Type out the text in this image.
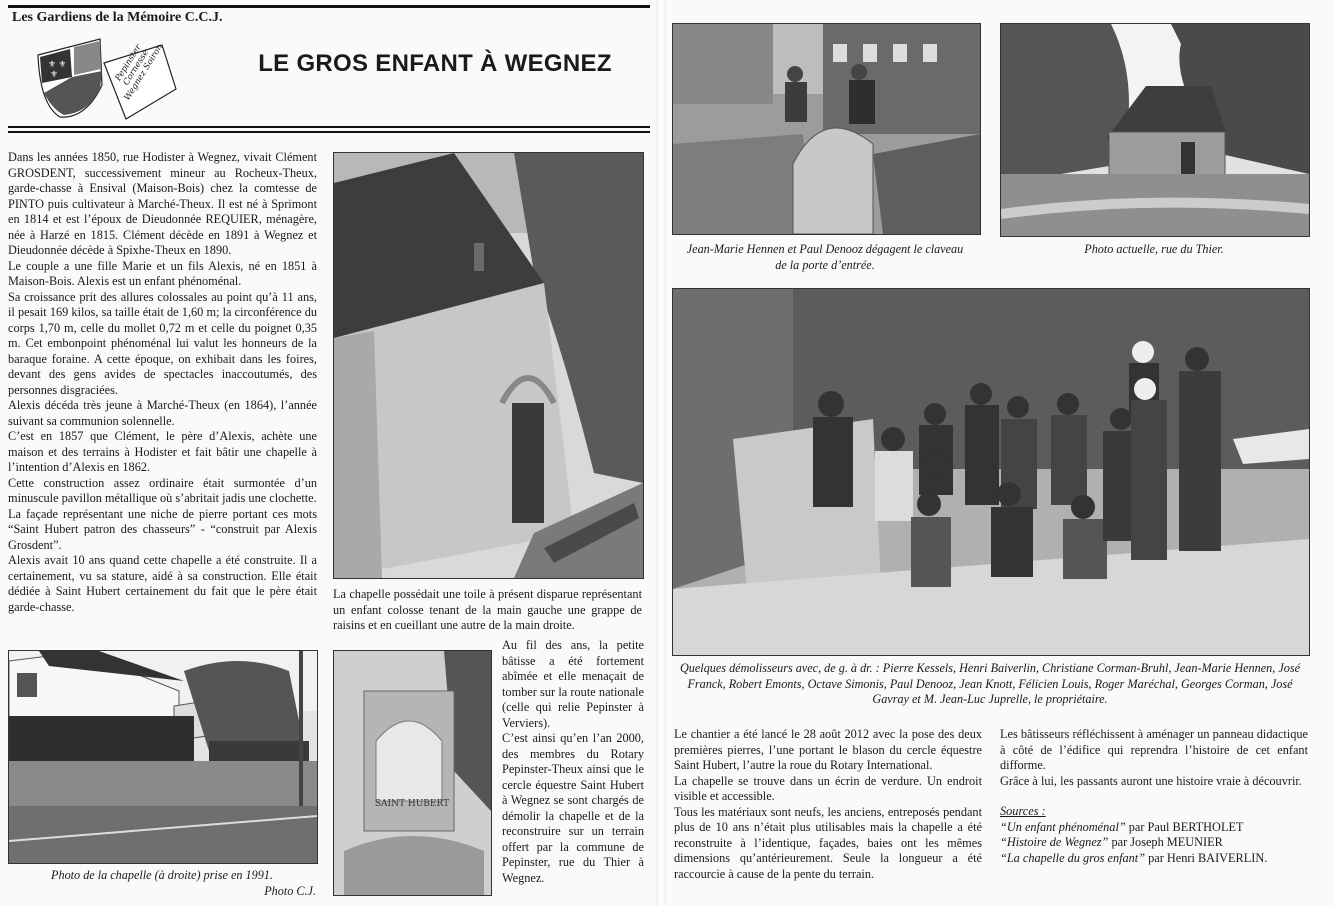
Les Gardiens de la Mémoire C.C.J.
⚜ ⚜
⚜	Pepinster Cornesse Wegnez Soiron	LE GROS ENFANT À WEGNEZ

Dans les années 1850, rue Hodister à Wegnez, vivait Clément GROSDENT, successivement mineur au Rocheux-Theux, garde-chasse à Ensival (Maison-Bois) chez la comtesse de PINTO puis cultivateur à Marché-Theux. Il est né à Sprimont en 1814 et est l’époux de Dieudonnée REQUIER, ménagère, née à Harzé en 1815. Clément décède en 1891 à Wegnez et Dieudonnée décède à Spixhe-Theux en 1890.

Le couple a une fille Marie et un fils Alexis, né en 1851 à Maison-Bois. Alexis est un enfant phénoménal.

Sa croissance prit des allures colossales au point qu’à 11 ans, il pesait 169 kilos, sa taille était de 1,60 m; la circonférence du corps 1,70 m, celle du mollet 0,72 m et celle du poignet 0,35 m. Cet embonpoint phénoménal lui valut les honneurs de la baraque foraine. A cette époque, on exhibait dans les foires, devant des gens avides de spectacles inaccoutumés, des personnes disgraciées.

Alexis décéda très jeune à Marché-Theux (en 1864), l’année suivant sa communion solennelle.

C’est en 1857 que Clément, le père d’Alexis, achète une maison et des terrains à Hodister et fait bâtir une chapelle à l’intention d’Alexis en 1862.

Cette construction assez ordinaire était surmontée d’un minuscule pavillon métallique où s’abritait jadis une clochette.

La façade représentant une niche de pierre portant ces mots “Saint Hubert patron des chasseurs” - “construit par Alexis Grosdent”.

Alexis avait 10 ans quand cette chapelle a été construite. Il a certainement, vu sa stature, aidé à sa construction. Elle était dédiée à Saint Hubert certainement du fait que le père était garde-chasse.

La chapelle possédait une toile à présent disparue représentant un enfant colosse tenant de la main gauche une grappe de raisins et en cueillant une autre de la main droite.
Photo de la chapelle (à droite) prise en 1991.
Photo C.J.
SAINT HUBERT

Au fil des ans, la petite bâtisse a été fortement abîmée et elle menaçait de tomber sur la route nationale (celle qui relie Pepinster à Verviers).

C’est ainsi qu’en l’an 2000, des membres du Rotary Pepinster-Theux ainsi que le cercle équestre Saint Hubert à Wegnez se sont chargés de démolir la chapelle et de la reconstruire sur un terrain offert par la commune de Pepinster, rue du Thier à Wegnez.

Jean-Marie Hennen et Paul Denooz dégagent le claveau de la porte d’entrée.
Photo actuelle, rue du Thier.
Quelques démolisseurs avec, de g. à dr. : Pierre Kessels, Henri Baiverlin, Christiane Corman-Bruhl, Jean-Marie Hennen, José Franck, Robert Emonts, Octave Simonis, Paul Denooz, Jean Knott, Félicien Louis, Roger Maréchal, Georges Corman, José Gavray et M. Jean-Luc Juprelle, le propriétaire.

Le chantier a été lancé le 28 août 2012 avec la pose des deux premières pierres, l’une portant le blason du cercle équestre Saint Hubert, l’autre la roue du Rotary International.

La chapelle se trouve dans un écrin de verdure. Un endroit visible et accessible.

Tous les matériaux sont neufs, les anciens, entreposés pendant plus de 10 ans n’était plus utilisables mais la chapelle a été reconstruite à l’identique, façades, baies ont les mêmes dimensions qu’antérieurement. Seule la longueur a été raccourcie à cause de la pente du terrain.

Les bâtisseurs réfléchissent à aménager un panneau didactique à côté de l’édifice qui reprendra l’histoire de cet enfant difforme.

Grâce à lui, les passants auront une histoire vraie à découvrir.

Sources :

“Un enfant phénoménal” par Paul BERTHOLET

“Histoire de Wegnez” par Joseph MEUNIER

“La chapelle du gros enfant” par Henri BAIVERLIN.
